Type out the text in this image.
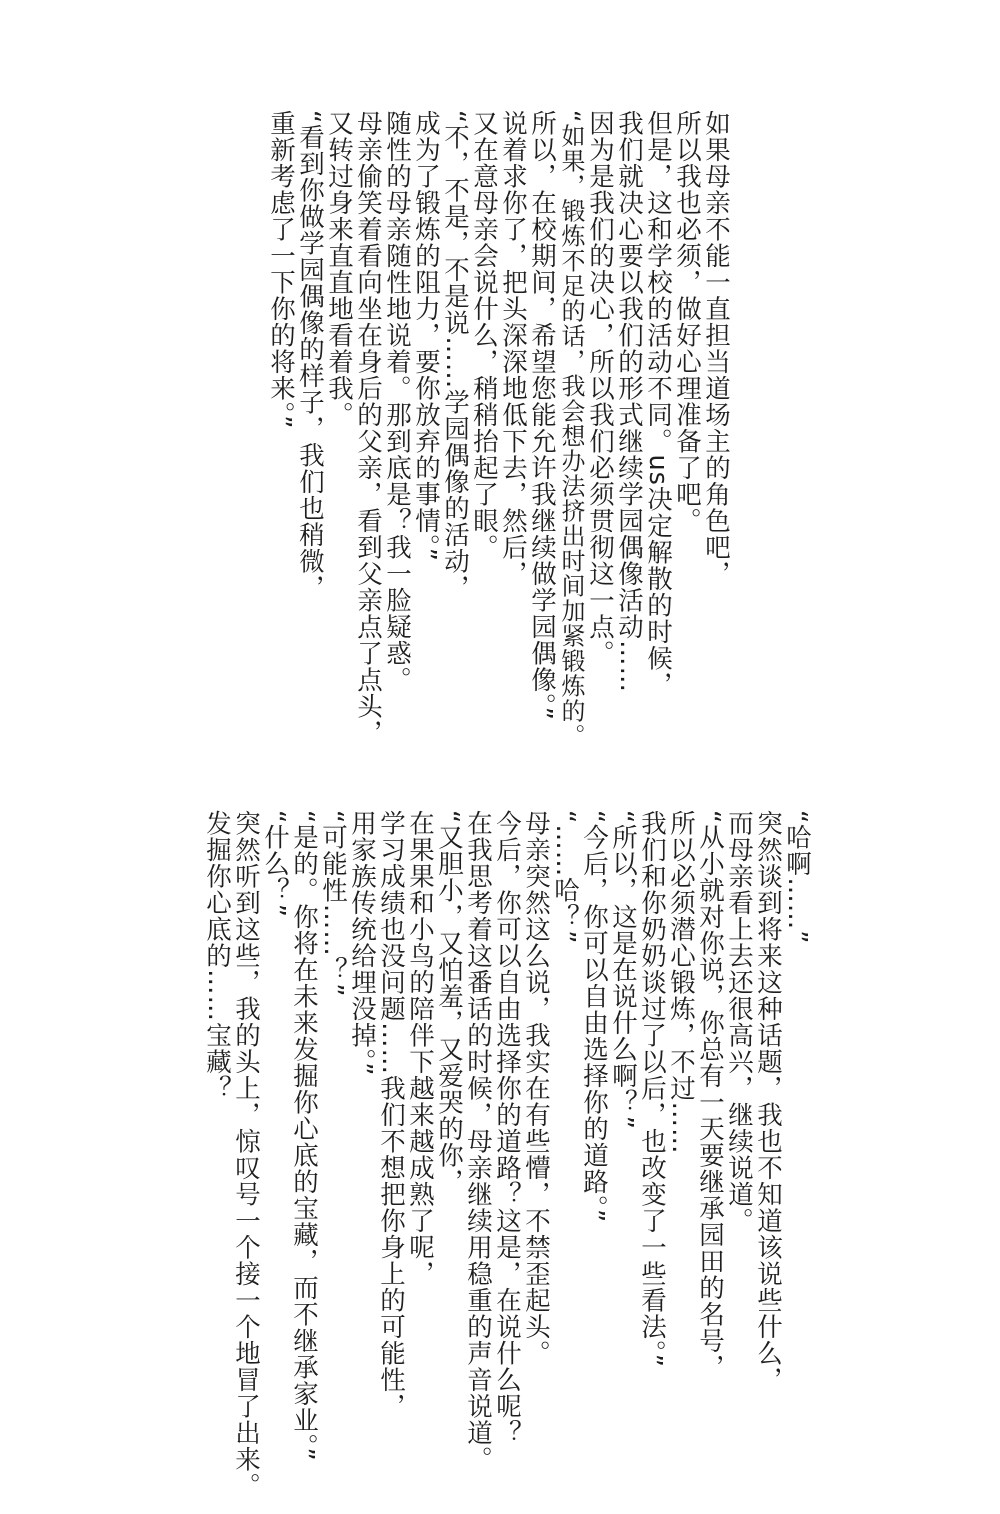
如果母亲不能一直担当道场主的角色吧，
所以我也必须，做好心理准备了吧。
但是，这和学校的活动不同。us决定解散的时候，
我们就决心要以我们的形式继续学园偶像活动……
因为是我们的决心，所以我们必须贯彻这一点。
“如果，锻炼不足的话，我会想办法挤出时间加紧锻炼的。
所以，在校期间，希望您能允许我继续做学园偶像。”
说着求你了，把头深深地低下去，然后，
又在意母亲会说什么，稍稍抬起了眼。
“不，不是，不是说……学园偶像的活动，
成为了锻炼的阻力，要你放弃的事情。”
随性的母亲随性地说着。那到底是？我一脸疑惑。
母亲偷笑着看向坐在身后的父亲，看到父亲点了点头，
又转过身来直直地看着我。
“看到你做学园偶像的样子，我们也稍微，
重新考虑了一下你的将来。”
“哈啊……”
突然谈到将来这种话题，我也不知道该说些什么，
而母亲看上去还很高兴，继续说道。
“从小就对你说，你总有一天要继承园田的名号，
所以必须潜心锻炼，不过……
我们和你奶奶谈过了以后，也改变了一些看法。”
“所以，这是在说什么啊？”
“今后，你可以自由选择你的道路。”
“……哈？”
母亲突然这么说，我实在有些懵，不禁歪起头。
今后，你可以自由选择你的道路？这是，在说什么呢？
在我思考着这番话的时候，母亲继续用稳重的声音说道。
“又胆小，又怕羞，又爱哭的你，
在果果和小鸟的陪伴下越来越成熟了呢，
学习成绩也没问题……我们不想把你身上的可能性，
用家族传统给埋没掉。”
“可能性……？”
“是的。你将在未来发掘你心底的宝藏，而不继承家业。”
“什么？”
突然听到这些，我的头上，惊叹号一个接一个地冒了出来。
发掘你心底的……宝藏？
